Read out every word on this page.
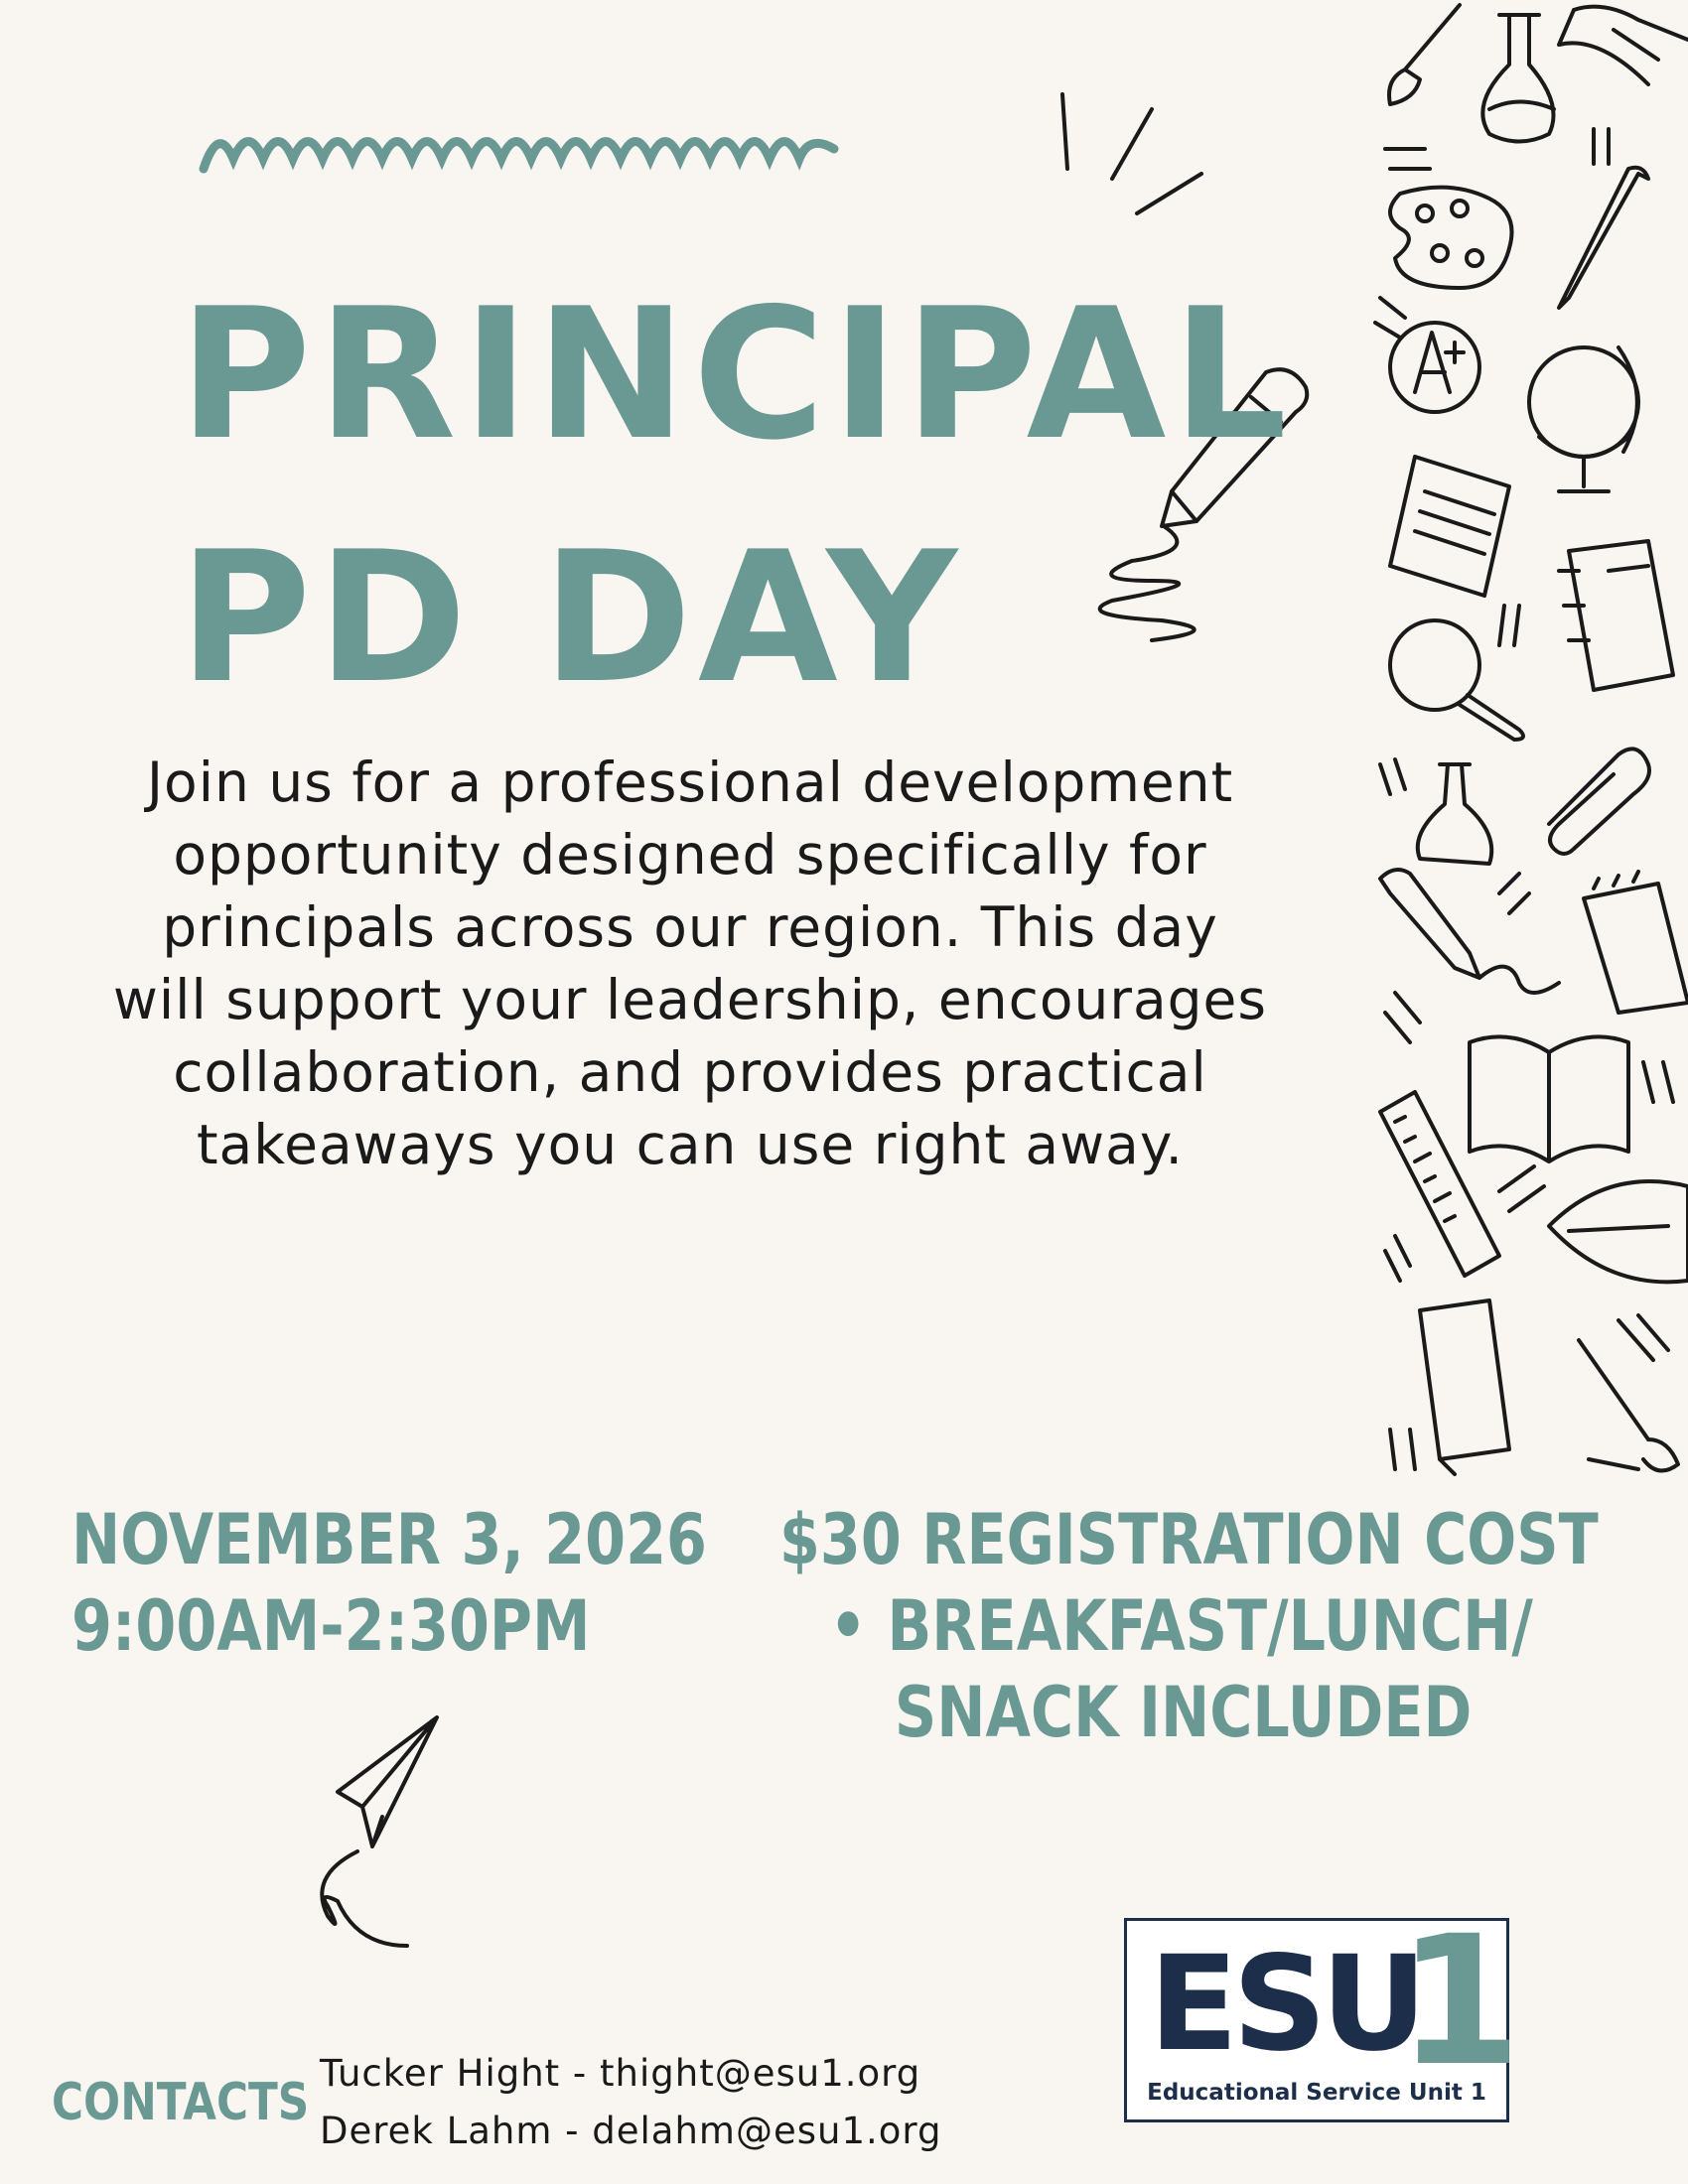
PRINCIPAL
PD DAY

Join us for a professional development opportunity designed specifically for principals across our region. This day will support your leadership, encourages collaboration, and provides practical takeaways you can use right away.

NOVEMBER 3, 2026
9:00AM-2:30PM
$30 REGISTRATION COST
• BREAKFAST/LUNCH/
SNACK INCLUDED
CONTACTS Tucker Hight - thight@esu1.org
Derek Lahm - delahm@esu1.org
ESU
1
Educational Service Unit 1
